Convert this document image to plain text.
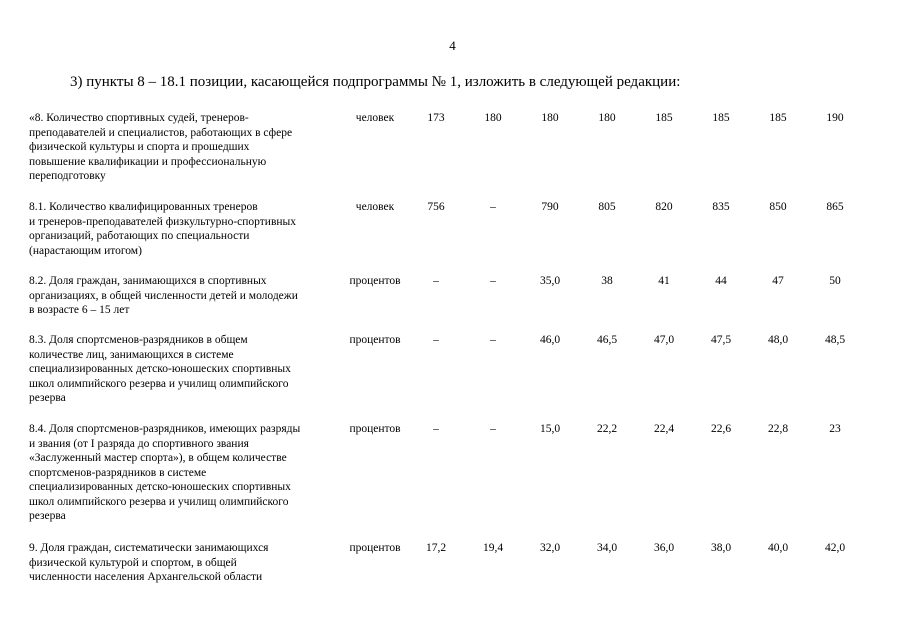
4
3) пункты 8 – 18.1 позиции, касающейся подпрограммы № 1, изложить в следующей редакции:
«8. Количество спортивных судей, тренеров-
преподавателей и специалистов, работающих в сфере
физической культуры и спорта и прошедших
повышение квалификации и профессиональную
переподготовку
человек	173	180	180	180	185	185	185	190
8.1. Количество квалифицированных тренеров
и тренеров-преподавателей физкультурно-спортивных
организаций, работающих по специальности
(нарастающим итогом)
человек	756	–	790	805	820	835	850	865
8.2. Доля граждан, занимающихся в спортивных
организациях, в общей численности детей и молодежи
в возрасте 6 – 15 лет
процентов	–	–	35,0	38	41	44	47	50
8.3. Доля спортсменов-разрядников в общем
количестве лиц, занимающихся в системе
специализированных детско-юношеских спортивных
школ олимпийского резерва и училищ олимпийского
резерва
процентов	–	–	46,0	46,5	47,0	47,5	48,0	48,5
8.4. Доля спортсменов-разрядников, имеющих разряды
и звания (от I разряда до спортивного звания
«Заслуженный мастер спорта»), в общем количестве
спортсменов-разрядников в системе
специализированных детско-юношеских спортивных
школ олимпийского резерва и училищ олимпийского
резерва
процентов	–	–	15,0	22,2	22,4	22,6	22,8	23
9. Доля граждан, систематически занимающихся
физической культурой и спортом, в общей
численности населения Архангельской области
процентов	17,2	19,4	32,0	34,0	36,0	38,0	40,0	42,0
